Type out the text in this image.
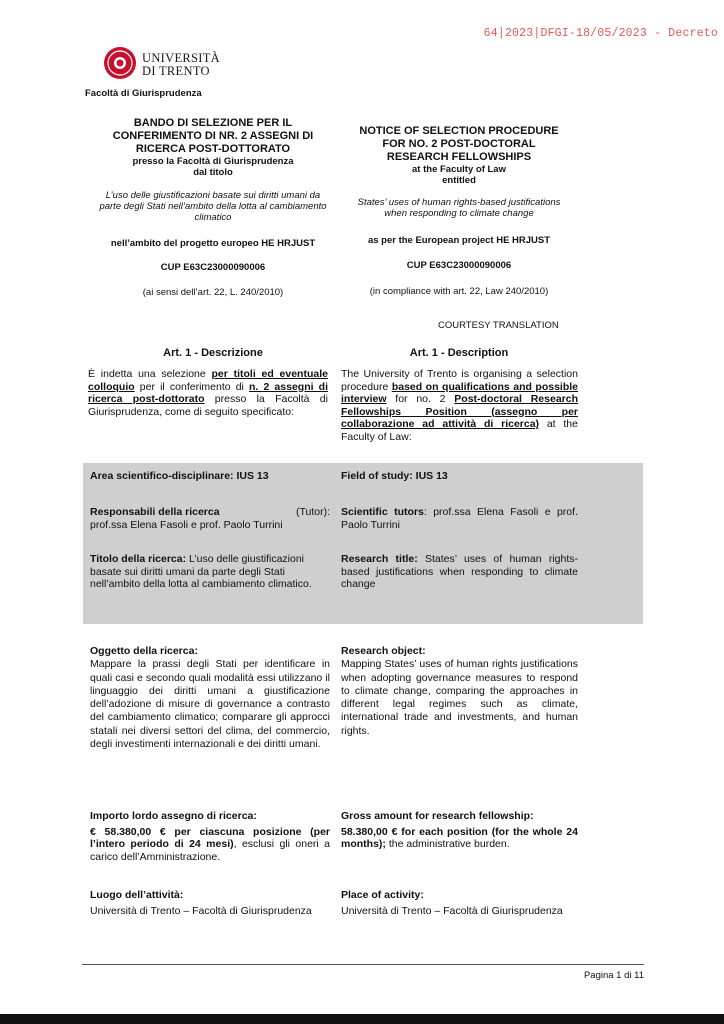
64|2023|DFGI-18/05/2023 - Decreto
UNIVERSITÀ
DI TRENTO
Facoltà di Giurisprudenza
BANDO DI SELEZIONE PER IL
CONFERIMENTO DI NR. 2 ASSEGNI DI
RICERCA POST-DOTTORATO
presso la Facoltà di Giurisprudenza
dal titolo
L’uso delle giustificazioni basate sui diritti umani da parte degli Stati nell’ambito della lotta al cambiamento climatico
nell’ambito del progetto europeo HE HRJUST
CUP E63C23000090006
(ai sensi dell’art. 22, L. 240/2010)
NOTICE OF SELECTION PROCEDURE
FOR NO. 2 POST-DOCTORAL
RESEARCH FELLOWSHIPS
at the Faculty of Law
entitled
States’ uses of human rights-based justifications when responding to climate change
as per the European project HE HRJUST
CUP E63C23000090006
(in compliance with art. 22, Law 240/2010)
COURTESY TRANSLATION
Art. 1 - Descrizione	Art. 1 - Description
È indetta una selezione per titoli ed eventuale colloquio per il conferimento di n. 2 assegni di ricerca post-dottorato presso la Facoltà di Giurisprudenza, come di seguito specificato:
The University of Trento is organising a selection procedure based on qualifications and possible interview for no. 2 Post-doctoral Research Fellowships Position (assegno per collaborazione ad attività di ricerca) at the Faculty of Law:
Area scientifico-disciplinare: IUS 13	Field of study: IUS 13
Responsabili della ricerca	(Tutor):
prof.ssa Elena Fasoli e prof. Paolo Turrini
Scientific tutors: prof.ssa Elena Fasoli e prof. Paolo Turrini
Titolo della ricerca: L’uso delle giustificazioni basate sui diritti umani da parte degli Stati nell’ambito della lotta al cambiamento climatico.
Research title: States’ uses of human rights-based justifications when responding to climate change
Oggetto della ricerca:
Mappare la prassi degli Stati per identificare in quali casi e secondo quali modalità essi utilizzano il linguaggio dei diritti umani a giustificazione dell’adozione di misure di governance a contrasto del cambiamento climatico; comparare gli approcci statali nei diversi settori del clima, del commercio, degli investimenti internazionali e dei diritti umani.
Research object:
Mapping States’ uses of human rights justifications when adopting governance measures to respond to climate change, comparing the approaches in different legal regimes such as climate, international trade and investments, and human rights.
Importo lordo assegno di ricerca:
€ 58.380,00 € per ciascuna posizione (per l’intero periodo di 24 mesi), esclusi gli oneri a carico dell’Amministrazione.
Gross amount for research fellowship:
58.380,00 € for each position (for the whole 24 months); the administrative burden.
Luogo dell’attività:
Università di Trento – Facoltà di Giurisprudenza
Place of activity:
Università di Trento – Facoltà di Giurisprudenza
Pagina 1 di 11
